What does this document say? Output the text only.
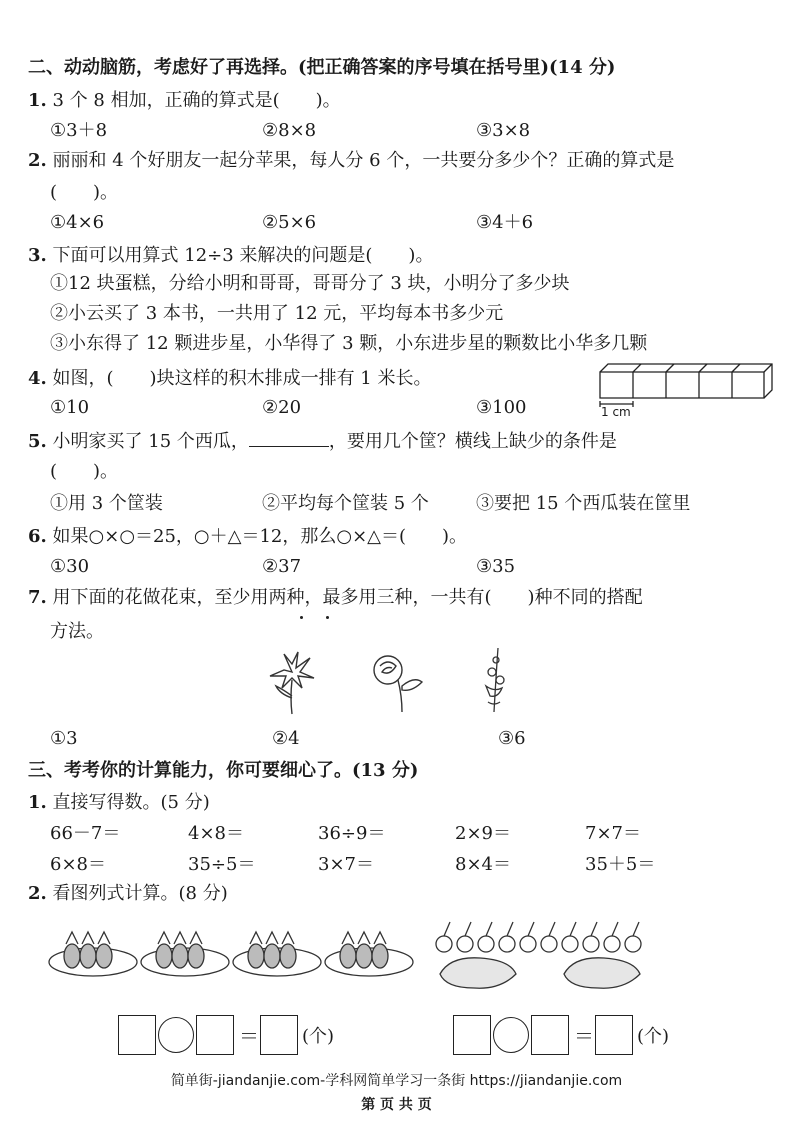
二、动动脑筋，考虑好了再选择。(把正确答案的序号填在括号里)(14 分)
1. 3 个 8 相加，正确的算式是(　　)。
①3＋8	②8×8	③3×8
2. 丽丽和 4 个好朋友一起分苹果，每人分 6 个，一共要分多少个？正确的算式是
(　　)。
①4×6	②5×6	③4＋6
3. 下面可以用算式 12÷3 来解决的问题是(　　)。
①12 块蛋糕，分给小明和哥哥，哥哥分了 3 块，小明分了多少块
②小云买了 3 本书，一共用了 12 元，平均每本书多少元
③小东得了 12 颗进步星，小华得了 3 颗，小东进步星的颗数比小华多几颗
4. 如图，(　　)块这样的积木排成一排有 1 米长。
①10	②20	③100	1 cm
5. 小明家买了 15 个西瓜，	，要用几个筐？横线上缺少的条件是
(　　)。
①用 3 个筐装	②平均每个筐装 5 个	③要把 15 个西瓜装在筐里
6. 如果○×○＝25，○＋△＝12，那么○×△＝(　　)。
①30	②37	③35
7. 用下面的花做花束，至少用两种，最多用三种，一共有(　　)种不同的搭配
方法。
①3	②4	③6
三、考考你的计算能力，你可要细心了。(13 分)
1. 直接写得数。(5 分)
66－7＝	4×8＝	36÷9＝	2×9＝	7×7＝
6×8＝	35÷5＝	3×7＝	8×4＝	35＋5＝
2. 看图列式计算。(8 分)
＝ (个)	＝ (个)
简单街-jiandanjie.com-学科网简单学习一条街 https://jiandanjie.com
第 页 共 页
